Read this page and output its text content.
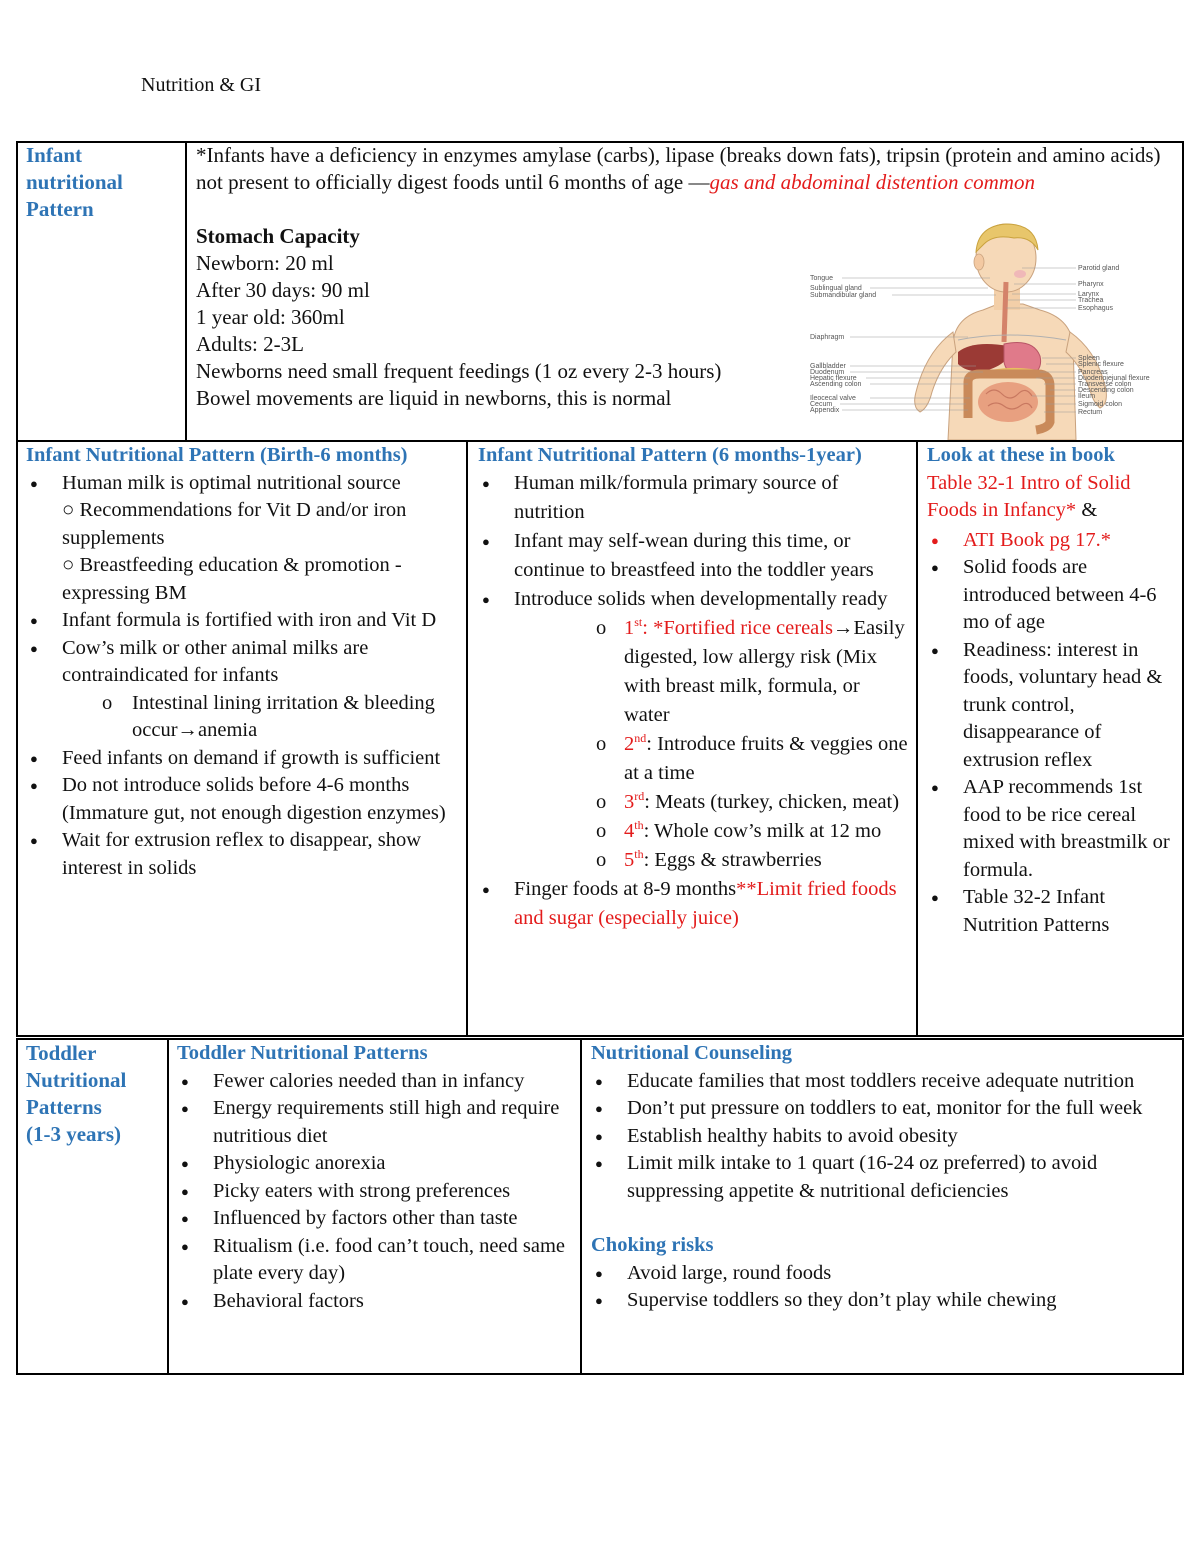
Nutrition & GI

Infant

nutritional

Pattern

*Infants have a deficiency in enzymes amylase (carbs), lipase (breaks down fats), tripsin (protein and amino acids) not present to officially digest foods until 6 months of age —gas and abdominal distention common

Stomach Capacity

Newborn: 20 ml

After 30 days: 90 ml

1 year old: 360ml

Adults: 2-3L

Newborns need small frequent feedings (1 oz every 2-3 hours)

Bowel movements are liquid in newborns, this is normal

Tongue
Sublingual gland
Submandibular gland
Diaphragm
Gallbladder
Duodenum
Hepatic flexure
Ascending colon
Ileocecal valve
Cecum
Appendix
Parotid gland
Pharynx
Larynx
Trachea
Esophagus
Spleen
Splenic flexure
Pancreas
Duodenojejunal flexure
Transverse colon
Descending colon
Ileum
Sigmoid colon
Rectum

Infant Nutritional Pattern (Birth-6 months)

● Human milk is optimal nutritional source

○ Recommendations for Vit D and/or iron supplements

○ Breastfeeding education & promotion - expressing BM

● Infant formula is fortified with iron and Vit D
● Cow’s milk or other animal milks are contraindicated for infants
o Intestinal lining irritation & bleeding occur→anemia
● Feed infants on demand if growth is sufficient
● Do not introduce solids before 4-6 months (Immature gut, not enough digestion enzymes)
● Wait for extrusion reflex to disappear, show interest in solids

Infant Nutritional Pattern (6 months-1year)

● Human milk/formula primary source of nutrition
● Infant may self-wean during this time, or continue to breastfeed into the toddler years
● Introduce solids when developmentally ready
o 1st: *Fortified rice cereals→Easily digested, low allergy risk (Mix with breast milk, formula, or water
o 2nd: Introduce fruits & veggies one at a time
o 3rd: Meats (turkey, chicken, meat)
o 4th: Whole cow’s milk at 12 mo
o 5th: Eggs & strawberries
● Finger foods at 8-9 months**Limit fried foods and sugar (especially juice)

Look at these in book

Table 32-1 Intro of Solid Foods in Infancy* &

● ATI Book pg 17.*
● Solid foods are introduced between 4-6 mo of age
● Readiness: interest in foods, voluntary head & trunk control, disappearance of extrusion reflex
● AAP recommends 1st food to be rice cereal mixed with breastmilk or formula.
● Table 32-2 Infant Nutrition Patterns

Toddler

Nutritional

Patterns

(1-3 years)

Toddler Nutritional Patterns

● Fewer calories needed than in infancy
● Energy requirements still high and require nutritious diet
● Physiologic anorexia
● Picky eaters with strong preferences
● Influenced by factors other than taste
● Ritualism (i.e. food can’t touch, need same plate every day)
● Behavioral factors

Nutritional Counseling

● Educate families that most toddlers receive adequate nutrition
● Don’t put pressure on toddlers to eat, monitor for the full week
● Establish healthy habits to avoid obesity
● Limit milk intake to 1 quart (16-24 oz preferred) to avoid suppressing appetite & nutritional deficiencies

Choking risks

● Avoid large, round foods
● Supervise toddlers so they don’t play while chewing
